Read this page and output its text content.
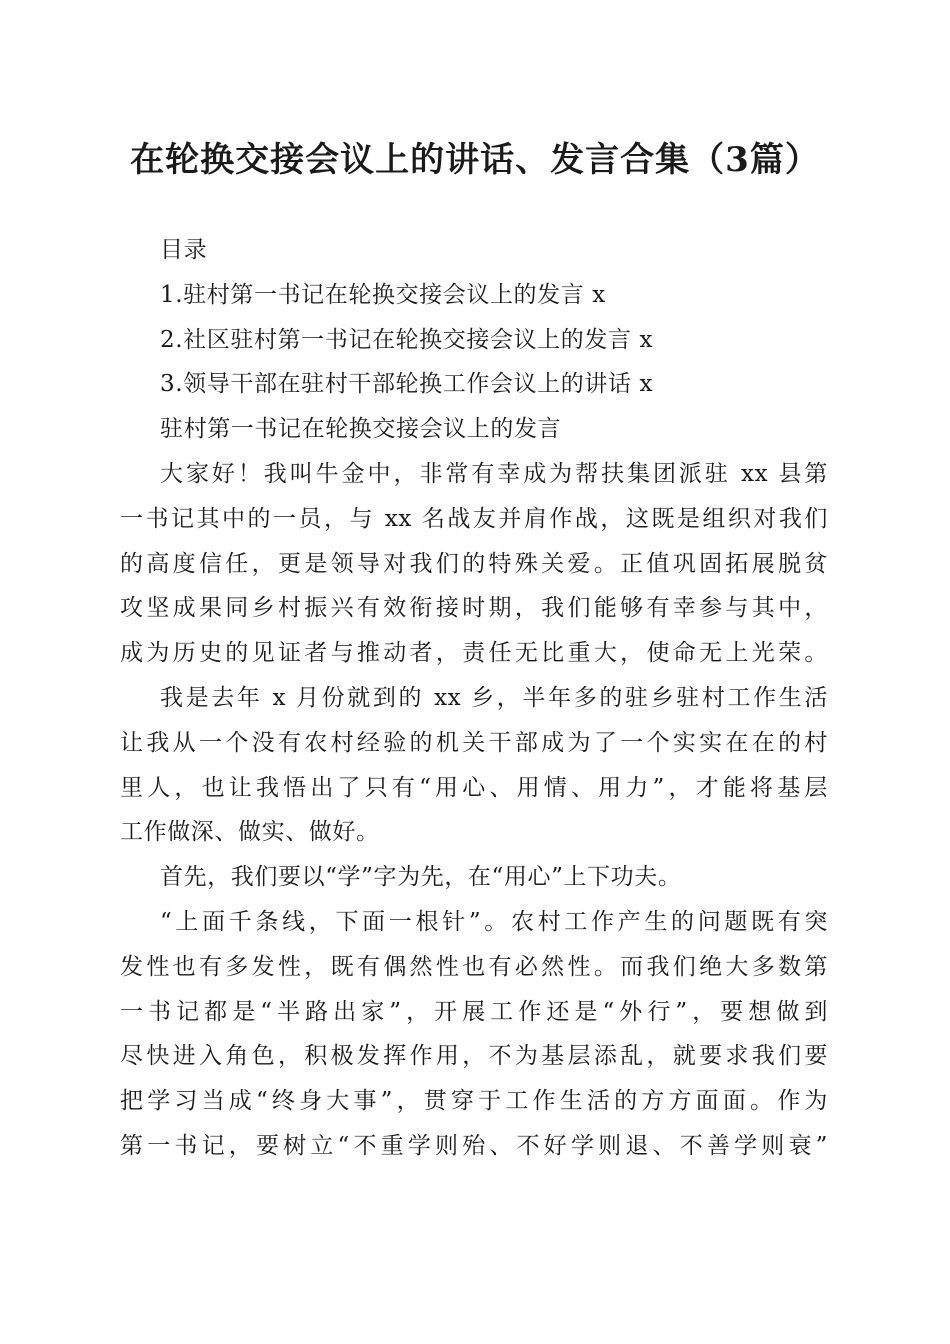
在轮换交接会议上的讲话、发言合集（3篇）
目录
1.驻村第一书记在轮换交接会议上的发言 x
2.社区驻村第一书记在轮换交接会议上的发言 x
3.领导干部在驻村干部轮换工作会议上的讲话 x
驻村第一书记在轮换交接会议上的发言
大家好！我叫牛金中，非常有幸成为帮扶集团派驻 xx 县第
一书记其中的一员，与 xx 名战友并肩作战，这既是组织对我们
的高度信任，更是领导对我们的特殊关爱。正值巩固拓展脱贫
攻坚成果同乡村振兴有效衔接时期，我们能够有幸参与其中，
成为历史的见证者与推动者，责任无比重大，使命无上光荣。
我是去年 x 月份就到的 xx 乡，半年多的驻乡驻村工作生活
让我从一个没有农村经验的机关干部成为了一个实实在在的村
里人，也让我悟出了只有“用心、用情、用力”，才能将基层
工作做深、做实、做好。
首先，我们要以“学”字为先，在“用心”上下功夫。
“上面千条线，下面一根针”。农村工作产生的问题既有突
发性也有多发性，既有偶然性也有必然性。而我们绝大多数第
一书记都是“半路出家”，开展工作还是“外行”，要想做到
尽快进入角色，积极发挥作用，不为基层添乱，就要求我们要
把学习当成“终身大事”，贯穿于工作生活的方方面面。作为
第一书记，要树立“不重学则殆、不好学则退、不善学则衰”
